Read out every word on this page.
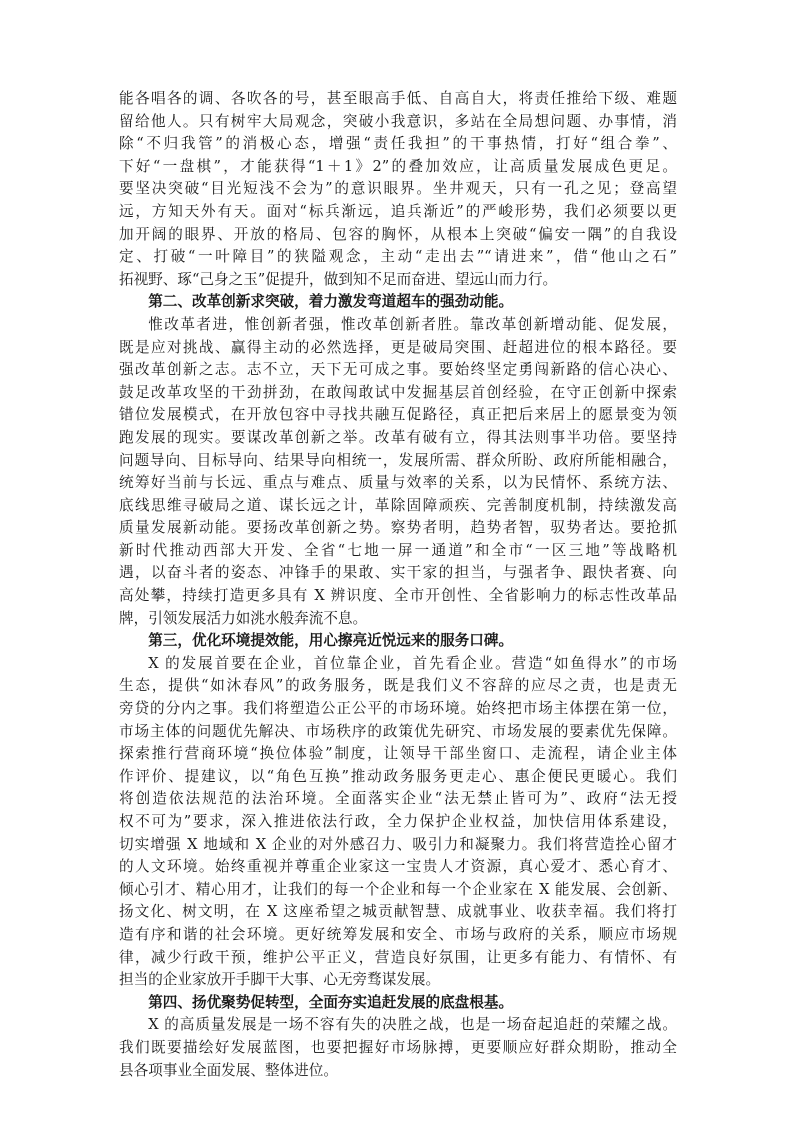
能各唱各的调、各吹各的号，甚至眼高手低、自高自大，将责任推给下级、难题
留给他人。只有树牢大局观念，突破小我意识，多站在全局想问题、办事情，消
除“不归我管”的消极心态，增强“责任我担”的干事热情，打好“组合拳”、
下好“一盘棋”，才能获得“1＋1》2”的叠加效应，让高质量发展成色更足。
要坚决突破“目光短浅不会为”的意识眼界。坐井观天，只有一孔之见；登高望
远，方知天外有天。面对“标兵渐远，追兵渐近”的严峻形势，我们必须要以更
加开阔的眼界、开放的格局、包容的胸怀，从根本上突破“偏安一隅”的自我设
定、打破“一叶障目”的狭隘观念，主动“走出去”“请进来”，借“他山之石”
拓视野、琢“己身之玉”促提升，做到知不足而奋进、望远山而力行。
第二、改革创新求突破，着力激发弯道超车的强劲动能。
惟改革者进，惟创新者强，惟改革创新者胜。靠改革创新增动能、促发展，
既是应对挑战、赢得主动的必然选择，更是破局突围、赶超进位的根本路径。要
强改革创新之志。志不立，天下无可成之事。要始终坚定勇闯新路的信心决心、
鼓足改革攻坚的干劲拼劲，在敢闯敢试中发掘基层首创经验，在守正创新中探索
错位发展模式，在开放包容中寻找共融互促路径，真正把后来居上的愿景变为领
跑发展的现实。要谋改革创新之举。改革有破有立，得其法则事半功倍。要坚持
问题导向、目标导向、结果导向相统一，发展所需、群众所盼、政府所能相融合，
统筹好当前与长远、重点与难点、质量与效率的关系，以为民情怀、系统方法、
底线思维寻破局之道、谋长远之计，革除固障顽疾、完善制度机制，持续激发高
质量发展新动能。要扬改革创新之势。察势者明，趋势者智，驭势者达。要抢抓
新时代推动西部大开发、全省“七地一屏一通道”和全市“一区三地”等战略机
遇，以奋斗者的姿态、冲锋手的果敢、实干家的担当，与强者争、跟快者赛、向
高处攀，持续打造更多具有 X 辨识度、全市开创性、全省影响力的标志性改革品
牌，引领发展活力如洮水般奔流不息。
第三，优化环境提效能，用心擦亮近悦远来的服务口碑。
X 的发展首要在企业，首位靠企业，首先看企业。营造“如鱼得水”的市场
生态，提供“如沐春风”的政务服务，既是我们义不容辞的应尽之责，也是责无
旁贷的分内之事。我们将塑造公正公平的市场环境。始终把市场主体摆在第一位，
市场主体的问题优先解决、市场秩序的政策优先研究、市场发展的要素优先保障。
探索推行营商环境“换位体验”制度，让领导干部坐窗口、走流程，请企业主体
作评价、提建议，以“角色互换”推动政务服务更走心、惠企便民更暖心。我们
将创造依法规范的法治环境。全面落实企业“法无禁止皆可为”、政府“法无授
权不可为”要求，深入推进依法行政，全力保护企业权益，加快信用体系建设，
切实增强 X 地域和 X 企业的对外感召力、吸引力和凝聚力。我们将营造拴心留才
的人文环境。始终重视并尊重企业家这一宝贵人才资源，真心爱才、悉心育才、
倾心引才、精心用才，让我们的每一个企业和每一个企业家在 X 能发展、会创新、
扬文化、树文明，在 X 这座希望之城贡献智慧、成就事业、收获幸福。我们将打
造有序和谐的社会环境。更好统筹发展和安全、市场与政府的关系，顺应市场规
律，减少行政干预，维护公平正义，营造良好氛围，让更多有能力、有情怀、有
担当的企业家放开手脚干大事、心无旁骛谋发展。
第四、扬优聚势促转型，全面夯实追赶发展的底盘根基。
X 的高质量发展是一场不容有失的决胜之战，也是一场奋起追赶的荣耀之战。
我们既要描绘好发展蓝图，也要把握好市场脉搏，更要顺应好群众期盼，推动全
县各项事业全面发展、整体进位。
